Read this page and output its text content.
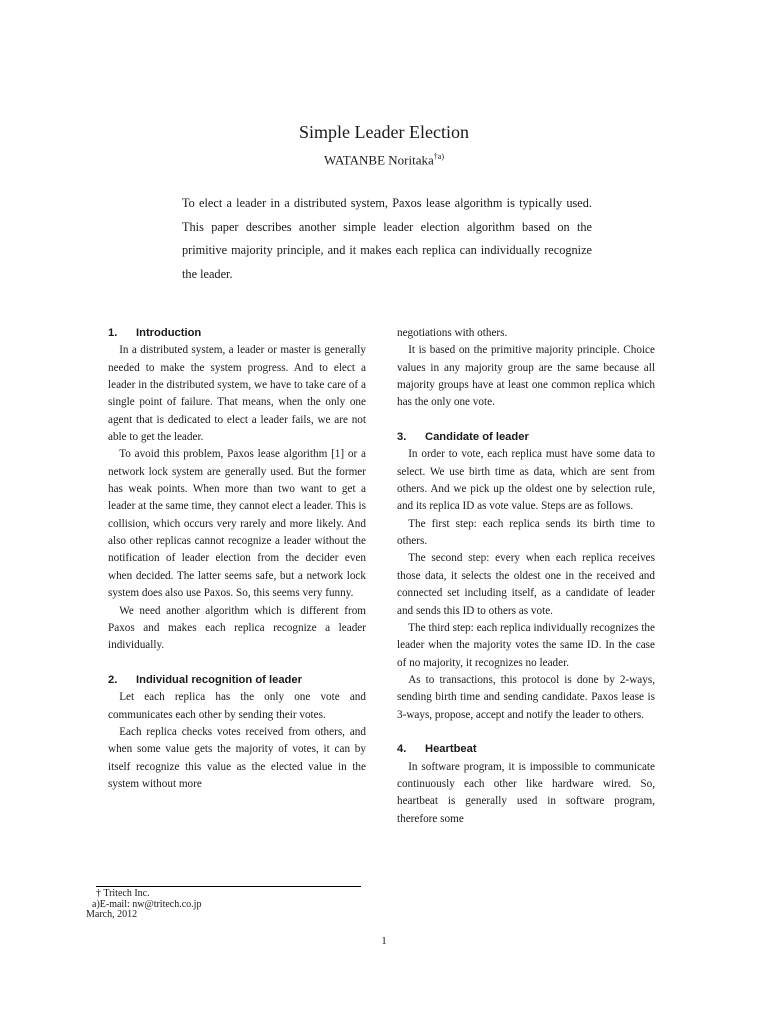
Simple Leader Election
WATANBE Noritaka$^{\dagger a)}$
To elect a leader in a distributed system, Paxos lease algorithm is typically used. This paper describes another simple leader election algorithm based on the primitive majority principle, and it makes each replica can individually recognize the leader.
1. Introduction

In a distributed system, a leader or master is generally needed to make the system progress. And to elect a leader in the distributed system, we have to take care of a single point of failure. That means, when the only one agent that is dedicated to elect a leader fails, we are not able to get the leader.

To avoid this problem, Paxos lease algorithm [1] or a network lock system are generally used. But the former has weak points. When more than two want to get a leader at the same time, they cannot elect a leader. This is collision, which occurs very rarely and more likely. And also other replicas cannot recognize a leader without the notification of leader election from the decider even when decided. The latter seems safe, but a network lock system does also use Paxos. So, this seems very funny.

We need another algorithm which is different from Paxos and makes each replica recognize a leader individually.

2. Individual recognition of leader

Let each replica has the only one vote and communicates each other by sending their votes.

Each replica checks votes received from others, and when some value gets the majority of votes, it can by itself recognize this value as the elected value in the system without more

negotiations with others.

It is based on the primitive majority principle. Choice values in any majority group are the same because all majority groups have at least one common replica which has the only one vote.

3. Candidate of leader

In order to vote, each replica must have some data to select. We use birth time as data, which are sent from others. And we pick up the oldest one by selection rule, and its replica ID as vote value. Steps are as follows.

The first step: each replica sends its birth time to others.

The second step: every when each replica receives those data, it selects the oldest one in the received and connected set including itself, as a candidate of leader and sends this ID to others as vote.

The third step: each replica individually recognizes the leader when the majority votes the same ID. In the case of no majority, it recognizes no leader.

As to transactions, this protocol is done by 2-ways, sending birth time and sending candidate. Paxos lease is 3-ways, propose, accept and notify the leader to others.

4. Heartbeat

In software program, it is impossible to communicate continuously each other like hardware wired. So, heartbeat is generally used in software program, therefore some

† Tritech Inc.
a)E-mail: nw@tritech.co.jp
March, 2012
1
